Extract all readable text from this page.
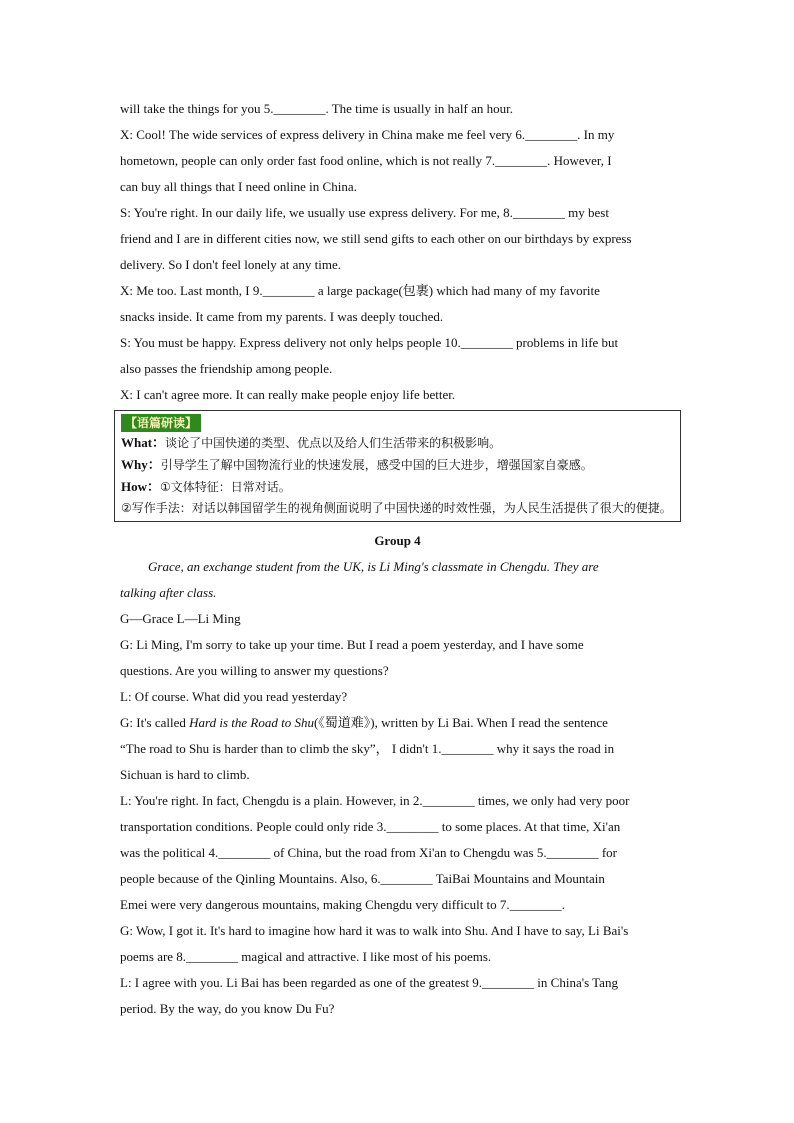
will take the things for you 5.________. The time is usually in half an hour.

X: Cool! The wide services of express delivery in China make me feel very 6.________. In my

hometown, people can only order fast food online, which is not really 7.________. However, I

can buy all things that I need online in China.

S: You're right. In our daily life, we usually use express delivery. For me, 8.________ my best

friend and I are in different cities now, we still send gifts to each other on our birthdays by express

delivery. So I don't feel lonely at any time.

X: Me too. Last month, I 9.________ a large package(包裹) which had many of my favorite

snacks inside. It came from my parents. I was deeply touched.

S: You must be happy. Express delivery not only helps people 10.________ problems in life but

also passes the friendship among people.

X: I can't agree more. It can really make people enjoy life better.

【语篇研读】

What：谈论了中国快递的类型、优点以及给人们生活带来的积极影响。

Why：引导学生了解中国物流行业的快速发展，感受中国的巨大进步，增强国家自豪感。

How：①文体特征：日常对话。

②写作手法：对话以韩国留学生的视角侧面说明了中国快递的时效性强，为人民生活提供了很大的便捷。

Group 4

Grace, an exchange student from the UK, is Li Ming's classmate in Chengdu. They are

talking after class.

G—Grace L—Li Ming

G: Li Ming, I'm sorry to take up your time. But I read a poem yesterday, and I have some

questions. Are you willing to answer my questions?

L: Of course. What did you read yesterday?

G: It's called Hard is the Road to Shu(《蜀道难》), written by Li Bai. When I read the sentence

“The road to Shu is harder than to climb the sky”， I didn't 1.________ why it says the road in

Sichuan is hard to climb.

L: You're right. In fact, Chengdu is a plain. However, in 2.________ times, we only had very poor

transportation conditions. People could only ride 3.________ to some places. At that time, Xi'an

was the political 4.________ of China, but the road from Xi'an to Chengdu was 5.________ for

people because of the Qinling Mountains. Also, 6.________ TaiBai Mountains and Mountain

Emei were very dangerous mountains, making Chengdu very difficult to 7.________.

G: Wow, I got it. It's hard to imagine how hard it was to walk into Shu. And I have to say, Li Bai's

poems are 8.________ magical and attractive. I like most of his poems.

L: I agree with you. Li Bai has been regarded as one of the greatest 9.________ in China's Tang

period. By the way, do you know Du Fu?
